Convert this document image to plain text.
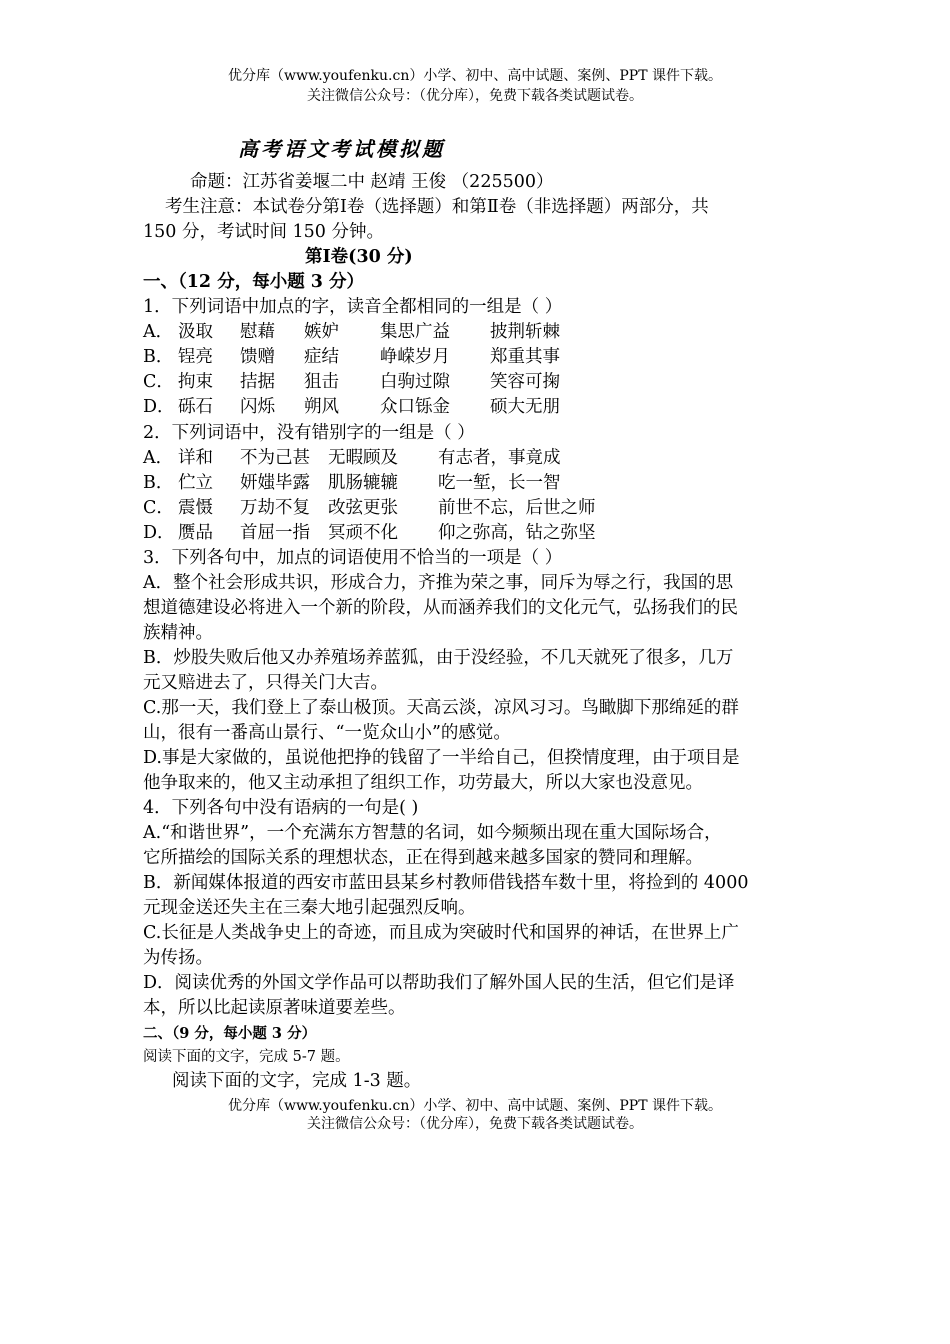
优分库（www.youfenku.cn）小学、初中、高中试题、案例、PPT 课件下载。
关注微信公众号：（优分库），免费下载各类试题试卷。
高考语文考试模拟题
命题：江苏省姜堰二中 赵靖 王俊 （225500）
考生注意：本试卷分第Ⅰ卷（选择题）和第Ⅱ卷（非选择题）两部分，共
150 分，考试时间 150 分钟。
第Ⅰ卷(30 分)
一、（12 分，每小题 3 分）
1．下列词语中加点的字，读音全都相同的一组是（ ）
A． 汲取 慰藉 嫉妒 集思广益 披荆斩棘
B． 锃亮 馈赠 症结 峥嵘岁月 郑重其事
C． 拘束 拮据 狙击 白驹过隙 笑容可掬
D． 砾石 闪烁 朔风 众口铄金 硕大无朋
2．下列词语中，没有错别字的一组是（ ）
A． 详和 不为己甚 无暇顾及 有志者，事竟成
B． 伫立 妍媸毕露 肌肠辘辘 吃一堑，长一智
C． 震慑 万劫不复 改弦更张 前世不忘，后世之师
D． 赝品 首屈一指 冥顽不化 仰之弥高，钻之弥坚
3．下列各句中，加点的词语使用不恰当的一项是（ ）
A．整个社会形成共识，形成合力，齐推为荣之事，同斥为辱之行，我国的思
想道德建设必将进入一个新的阶段，从而涵养我们的文化元气，弘扬我们的民
族精神。
B．炒股失败后他又办养殖场养蓝狐，由于没经验，不几天就死了很多，几万
元又赔进去了，只得关门大吉。
C.那一天，我们登上了泰山极顶。天高云淡，凉风习习。鸟瞰脚下那绵延的群
山，很有一番高山景行、“一览众山小”的感觉。
D.事是大家做的，虽说他把挣的钱留了一半给自己，但揆情度理，由于项目是
他争取来的，他又主动承担了组织工作，功劳最大，所以大家也没意见。
4．下列各句中没有语病的一句是( )
A.“和谐世界”，一个充满东方智慧的名词，如今频频出现在重大国际场合，
它所描绘的国际关系的理想状态，正在得到越来越多国家的赞同和理解。
B．新闻媒体报道的西安市蓝田县某乡村教师借钱搭车数十里，将捡到的 4000
元现金送还失主在三秦大地引起强烈反响。
C.长征是人类战争史上的奇迹，而且成为突破时代和国界的神话，在世界上广
为传扬。
D．阅读优秀的外国文学作品可以帮助我们了解外国人民的生活，但它们是译
本，所以比起读原著味道要差些。
二、（9 分，每小题 3 分）
阅读下面的文字，完成 5-7 题。
阅读下面的文字，完成 1-3 题。
优分库（www.youfenku.cn）小学、初中、高中试题、案例、PPT 课件下载。
关注微信公众号：（优分库），免费下载各类试题试卷。
